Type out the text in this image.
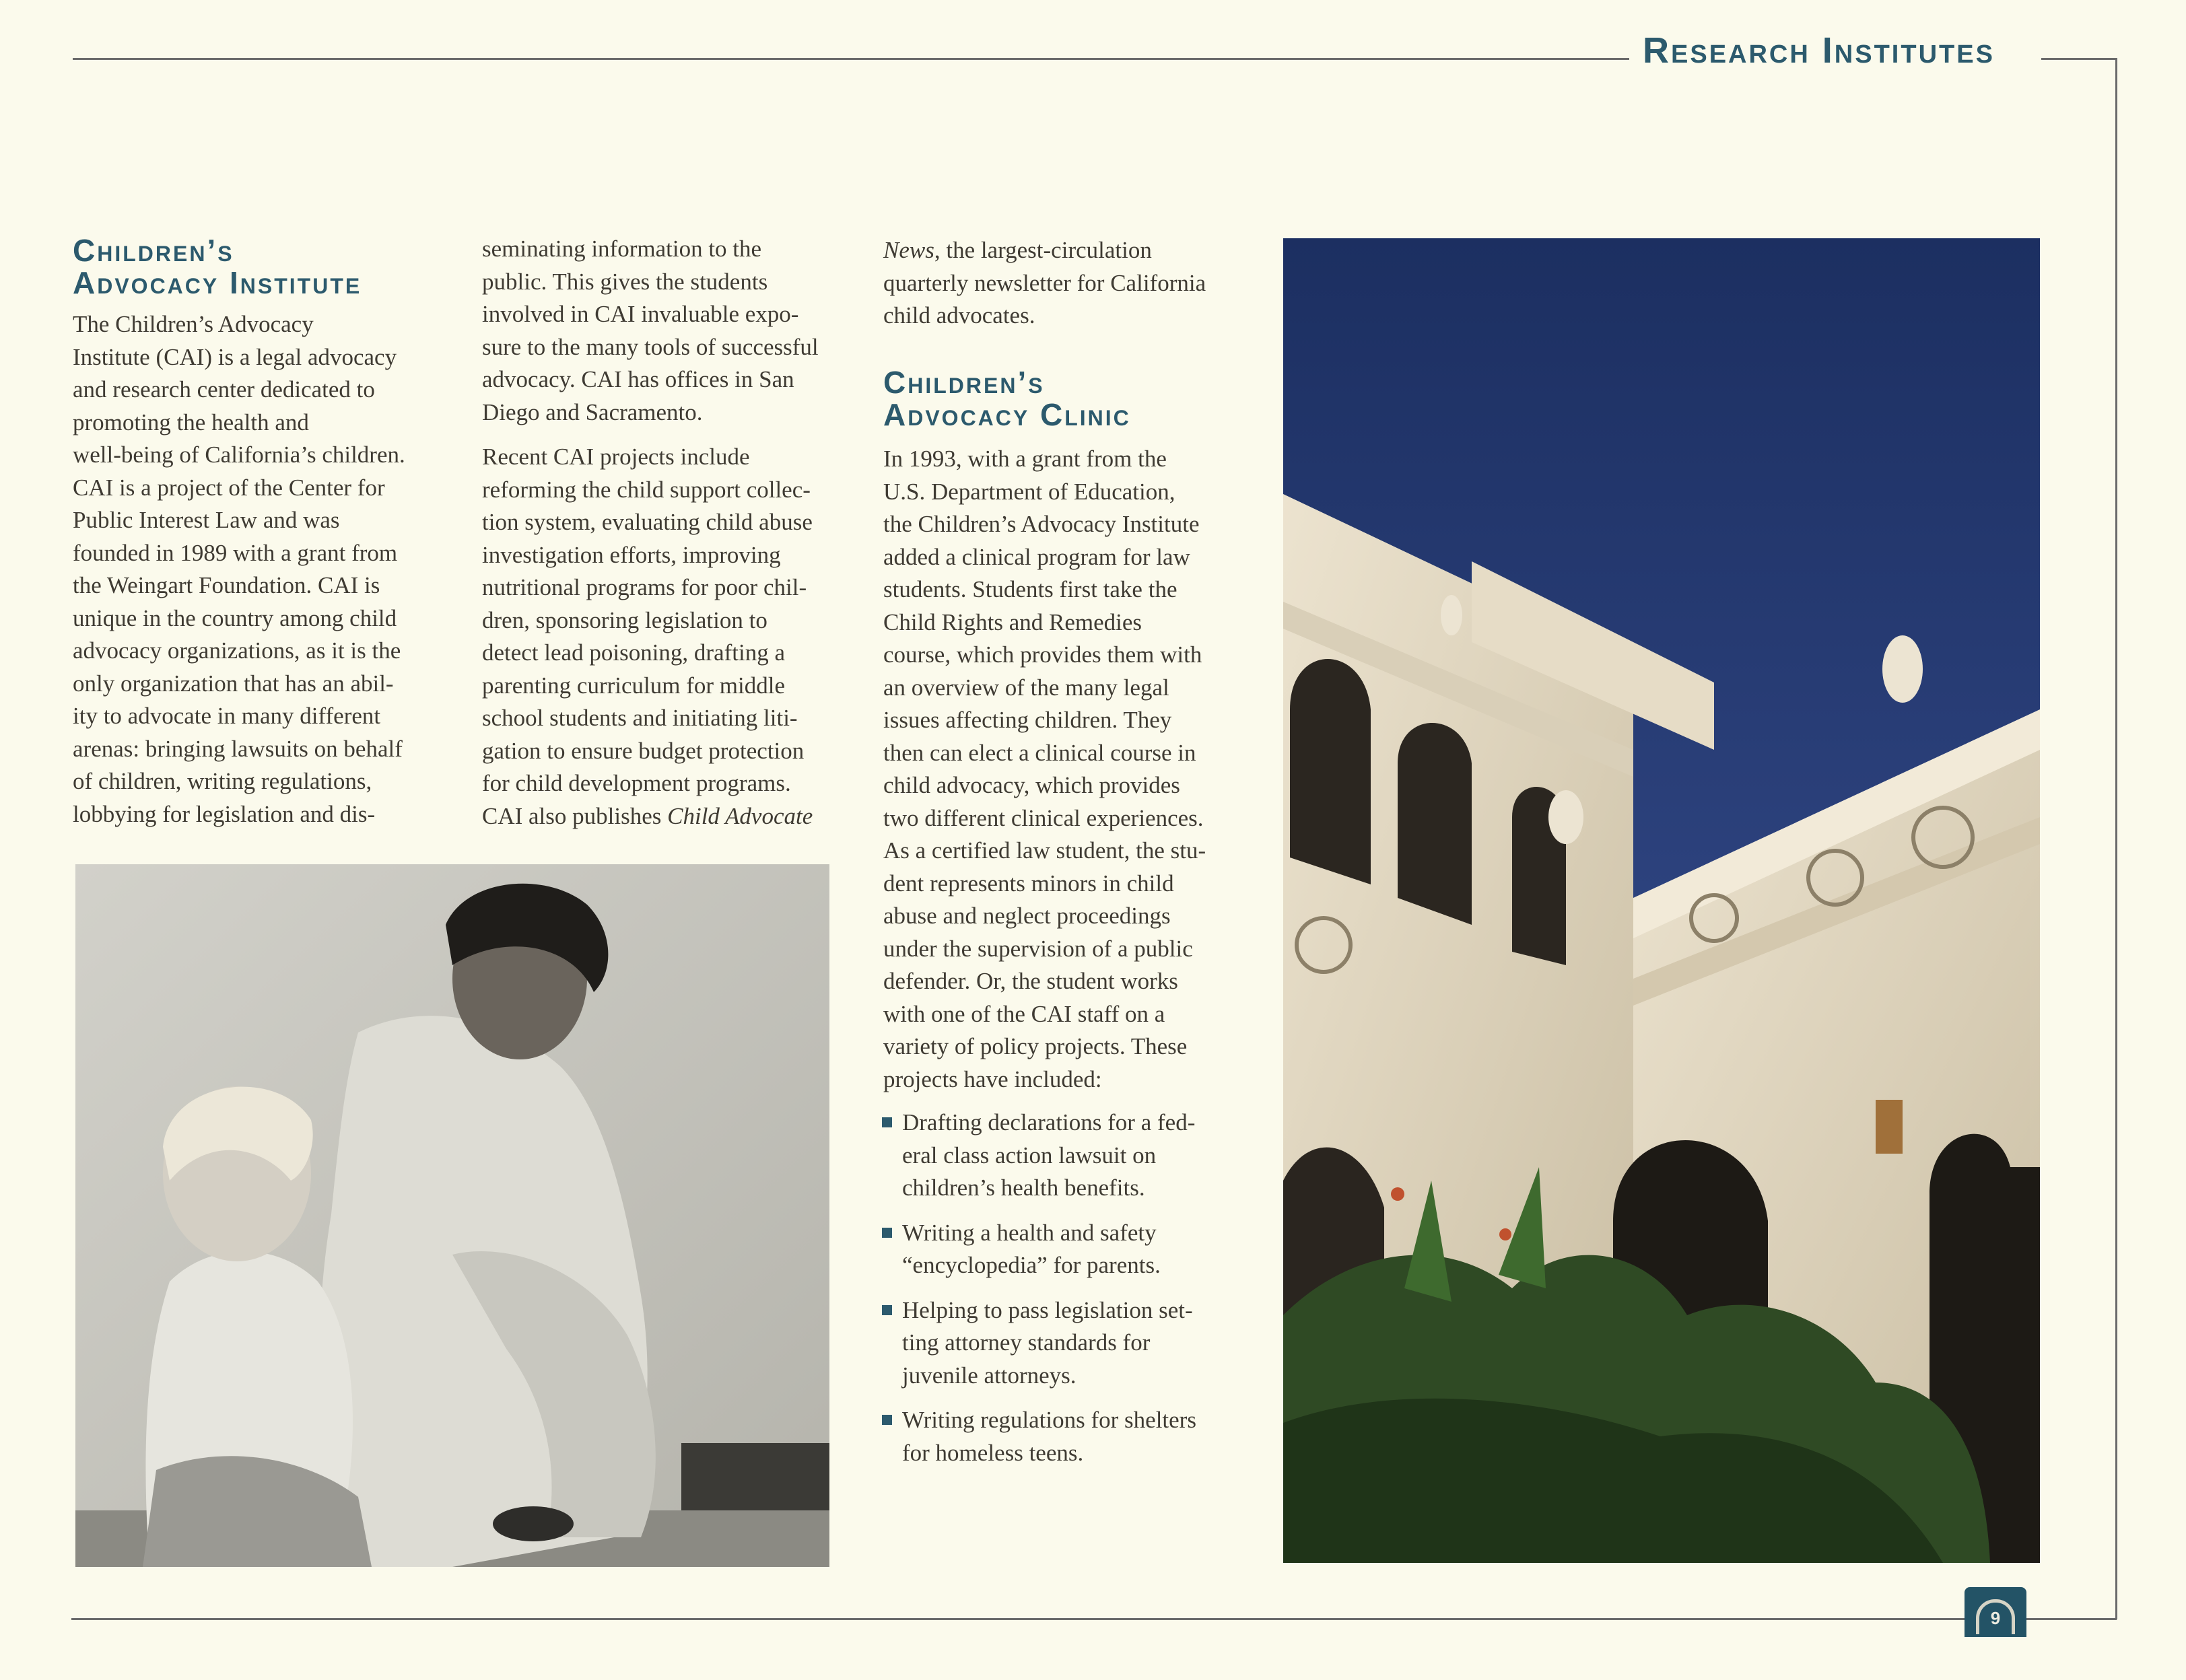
Research Institutes
9
Children’s
Advocacy Institute

The Children’s Advocacy
Institute (CAI) is a legal advocacy
and research center dedicated to
promoting the health and
well-being of California’s children.
CAI is a project of the Center for
Public Interest Law and was
founded in 1989 with a grant from
the Weingart Foundation. CAI is
unique in the country among child
advocacy organizations, as it is the
only organization that has an abil-
ity to advocate in many different
arenas: bringing lawsuits on behalf
of children, writing regulations,
lobbying for legislation and dis-

seminating information to the
public. This gives the students
involved in CAI invaluable expo-
sure to the many tools of successful
advocacy. CAI has offices in San
Diego and Sacramento.

Recent CAI projects include
reforming the child support collec-
tion system, evaluating child abuse
investigation efforts, improving
nutritional programs for poor chil-
dren, sponsoring legislation to
detect lead poisoning, drafting a
parenting curriculum for middle
school students and initiating liti-
gation to ensure budget protection
for child development programs.
CAI also publishes Child Advocate

News, the largest-circulation
quarterly newsletter for California
child advocates.

Children’s
Advocacy Clinic

In 1993, with a grant from the
U.S. Department of Education,
the Children’s Advocacy Institute
added a clinical program for law
students. Students first take the
Child Rights and Remedies
course, which provides them with
an overview of the many legal
issues affecting children. They
then can elect a clinical course in
child advocacy, which provides
two different clinical experiences.
As a certified law student, the stu-
dent represents minors in child
abuse and neglect proceedings
under the supervision of a public
defender. Or, the student works
with one of the CAI staff on a
variety of policy projects. These
projects have included:

Drafting declarations for a fed-
eral class action lawsuit on
children’s health benefits.
Writing a health and safety
“encyclopedia” for parents.
Helping to pass legislation set-
ting attorney standards for
juvenile attorneys.
Writing regulations for shelters
for homeless teens.
